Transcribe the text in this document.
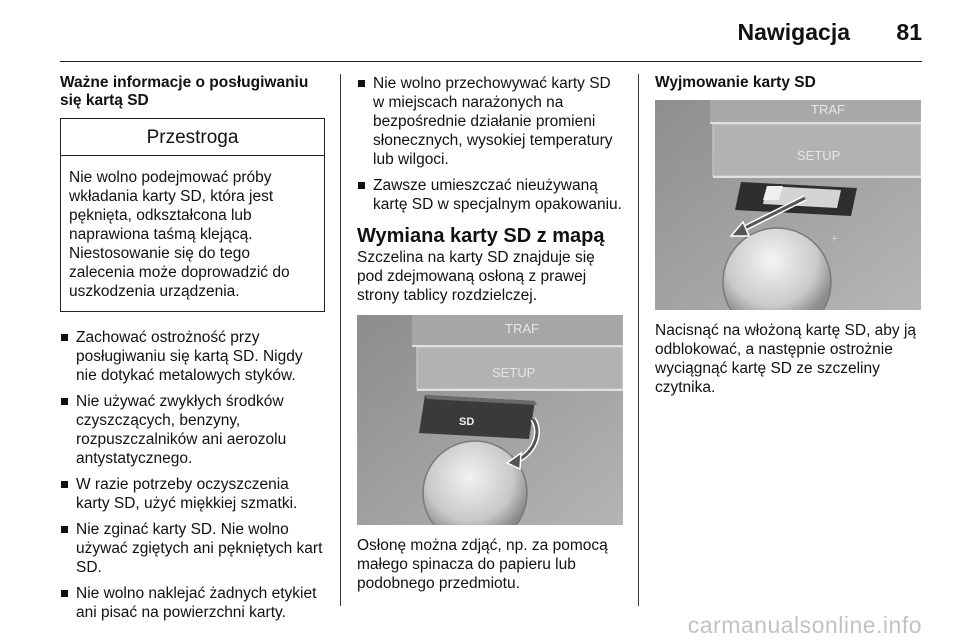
Nawigacja 81
Ważne informacje o posługiwaniu się kartą SD
Przestroga
Nie wolno podejmować próby wkładania karty SD, która jest pęknięta, odkształcona lub naprawiona taśmą klejącą. Niestosowanie się do tego zalecenia może doprowadzić do uszkodzenia urządzenia.
Zachować ostrożność przy posługiwaniu się kartą SD. Nigdy nie dotykać metalowych styków.
Nie używać zwykłych środków czyszczących, benzyny, rozpuszczalników ani aerozolu antystatycznego.
W razie potrzeby oczyszczenia karty SD, użyć miękkiej szmatki.
Nie zginać karty SD. Nie wolno używać zgiętych ani pękniętych kart SD.
Nie wolno naklejać żadnych etykiet ani pisać na powierzchni karty.
Nie wolno przechowywać karty SD w miejscach narażonych na bezpośrednie działanie promieni słonecznych, wysokiej temperatury lub wilgoci.
Zawsze umieszczać nieużywaną kartę SD w specjalnym opakowaniu.
Wymiana karty SD z mapą
Szczelina na karty SD znajduje się pod zdejmowaną osłoną z prawej strony tablicy rozdzielczej.
TRAF
SETUP
SD
Osłonę można zdjąć, np. za pomocą małego spinacza do papieru lub podobnego przedmiotu.
Wyjmowanie karty SD
TRAF
SETUP
+
Nacisnąć na włożoną kartę SD, aby ją odblokować, a następnie ostrożnie wyciągnąć kartę SD ze szczeliny czytnika.
carmanualsonline.info
